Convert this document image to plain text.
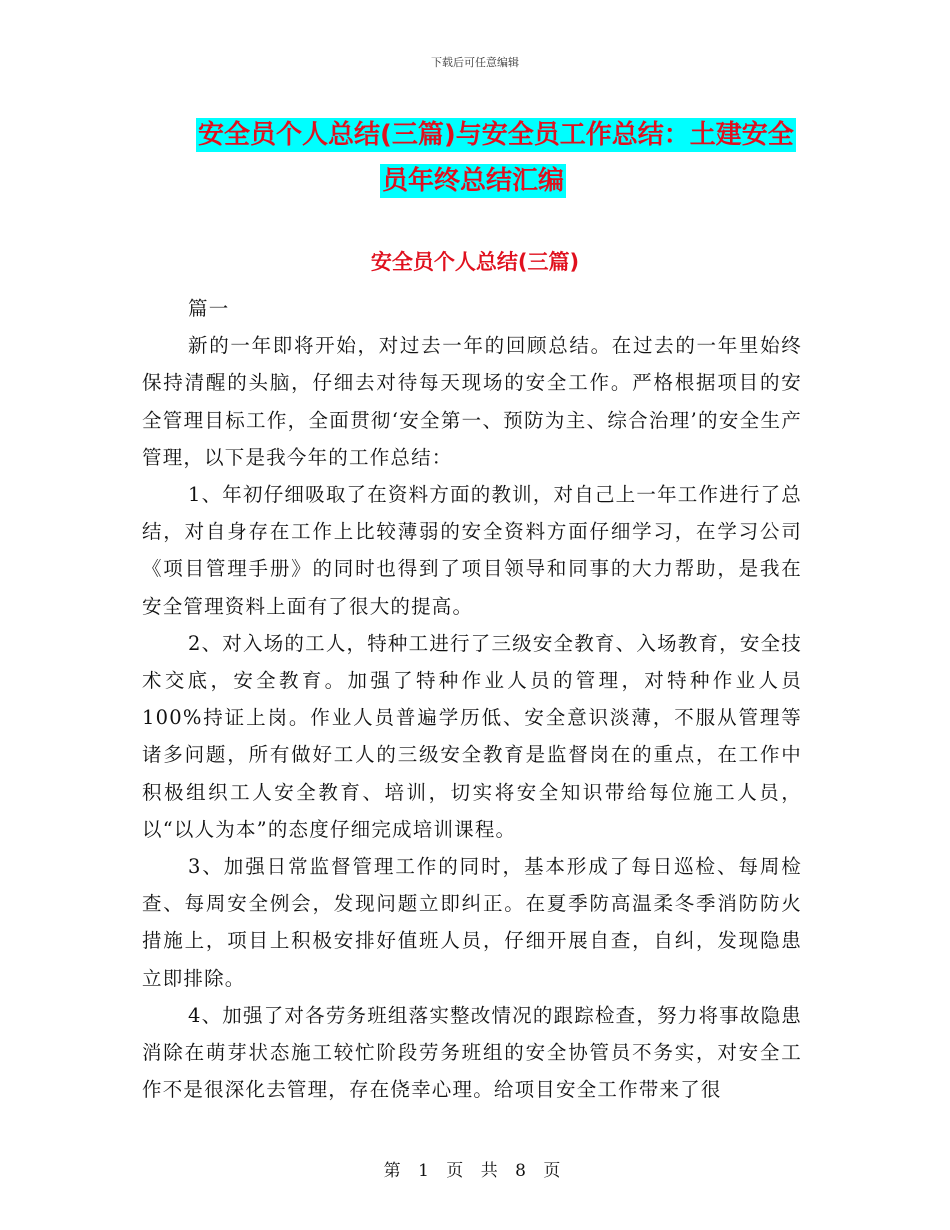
下载后可任意编辑
安全员个人总结(三篇)与安全员工作总结：土建安全
员年终总结汇编
安全员个人总结(三篇)

篇一

新的一年即将开始，对过去一年的回顾总结。在过去的一年里始终保持清醒的头脑，仔细去对待每天现场的安全工作。严格根据项目的安全管理目标工作，全面贯彻‘安全第一、预防为主、综合治理’的安全生产管理，以下是我今年的工作总结：

1、年初仔细吸取了在资料方面的教训，对自己上一年工作进行了总结，对自身存在工作上比较薄弱的安全资料方面仔细学习，在学习公司《项目管理手册》的同时也得到了项目领导和同事的大力帮助，是我在安全管理资料上面有了很大的提高。

2、对入场的工人，特种工进行了三级安全教育、入场教育，安全技术交底，安全教育。加强了特种作业人员的管理，对特种作业人员100%持证上岗。作业人员普遍学历低、安全意识淡薄，不服从管理等诸多问题，所有做好工人的三级安全教育是监督岗在的重点，在工作中积极组织工人安全教育、培训，切实将安全知识带给每位施工人员，以“以人为本”的态度仔细完成培训课程。

3、加强日常监督管理工作的同时，基本形成了每日巡检、每周检查、每周安全例会，发现问题立即纠正。在夏季防高温柔冬季消防防火措施上，项目上积极安排好值班人员，仔细开展自查，自纠，发现隐患立即排除。

4、加强了对各劳务班组落实整改情况的跟踪检查，努力将事故隐患消除在萌芽状态施工较忙阶段劳务班组的安全协管员不务实，对安全工作不是很深化去管理，存在侥幸心理。给项目安全工作带来了很

第 1 页 共 8 页
